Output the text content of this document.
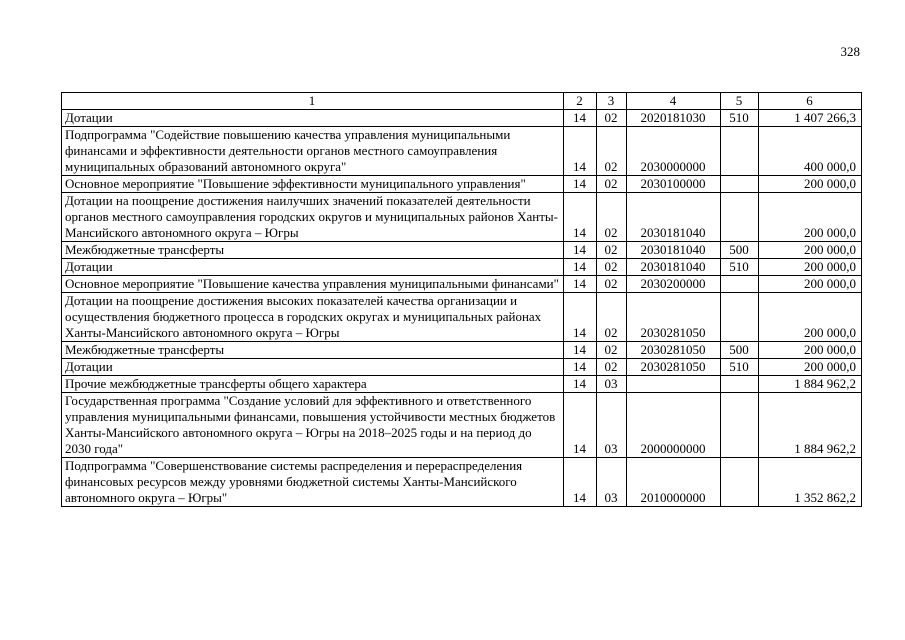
328
1	2	3	4	5	6
Дотации	14	02	2020181030	510	1 407 266,3
Подпрограмма "Содействие повышению качества управления муниципальными финансами и эффективности деятельности органов местного самоуправления муниципальных образований автономного округа"	14	02	2030000000		400 000,0
Основное мероприятие "Повышение эффективности муниципального управления"	14	02	2030100000		200 000,0
Дотации на поощрение достижения наилучших значений показателей деятельности органов местного самоуправления городских округов и муниципальных районов Ханты-Мансийского автономного округа – Югры	14	02	2030181040		200 000,0
Межбюджетные трансферты	14	02	2030181040	500	200 000,0
Дотации	14	02	2030181040	510	200 000,0
Основное мероприятие "Повышение качества управления муниципальными финансами"	14	02	2030200000		200 000,0
Дотации на поощрение достижения высоких показателей качества организации и осуществления бюджетного процесса в городских округах и муниципальных районах Ханты-Мансийского автономного округа – Югры	14	02	2030281050		200 000,0
Межбюджетные трансферты	14	02	2030281050	500	200 000,0
Дотации	14	02	2030281050	510	200 000,0
Прочие межбюджетные трансферты общего характера	14	03			1 884 962,2
Государственная программа "Создание условий для эффективного и ответственного управления муниципальными финансами, повышения устойчивости местных бюджетов Ханты-Мансийского автономного округа – Югры на 2018–2025 годы и на период до 2030 года"	14	03	2000000000		1 884 962,2
Подпрограмма "Совершенствование системы распределения и перераспределения финансовых ресурсов между уровнями бюджетной системы Ханты-Мансийского автономного округа – Югры"	14	03	2010000000		1 352 862,2
